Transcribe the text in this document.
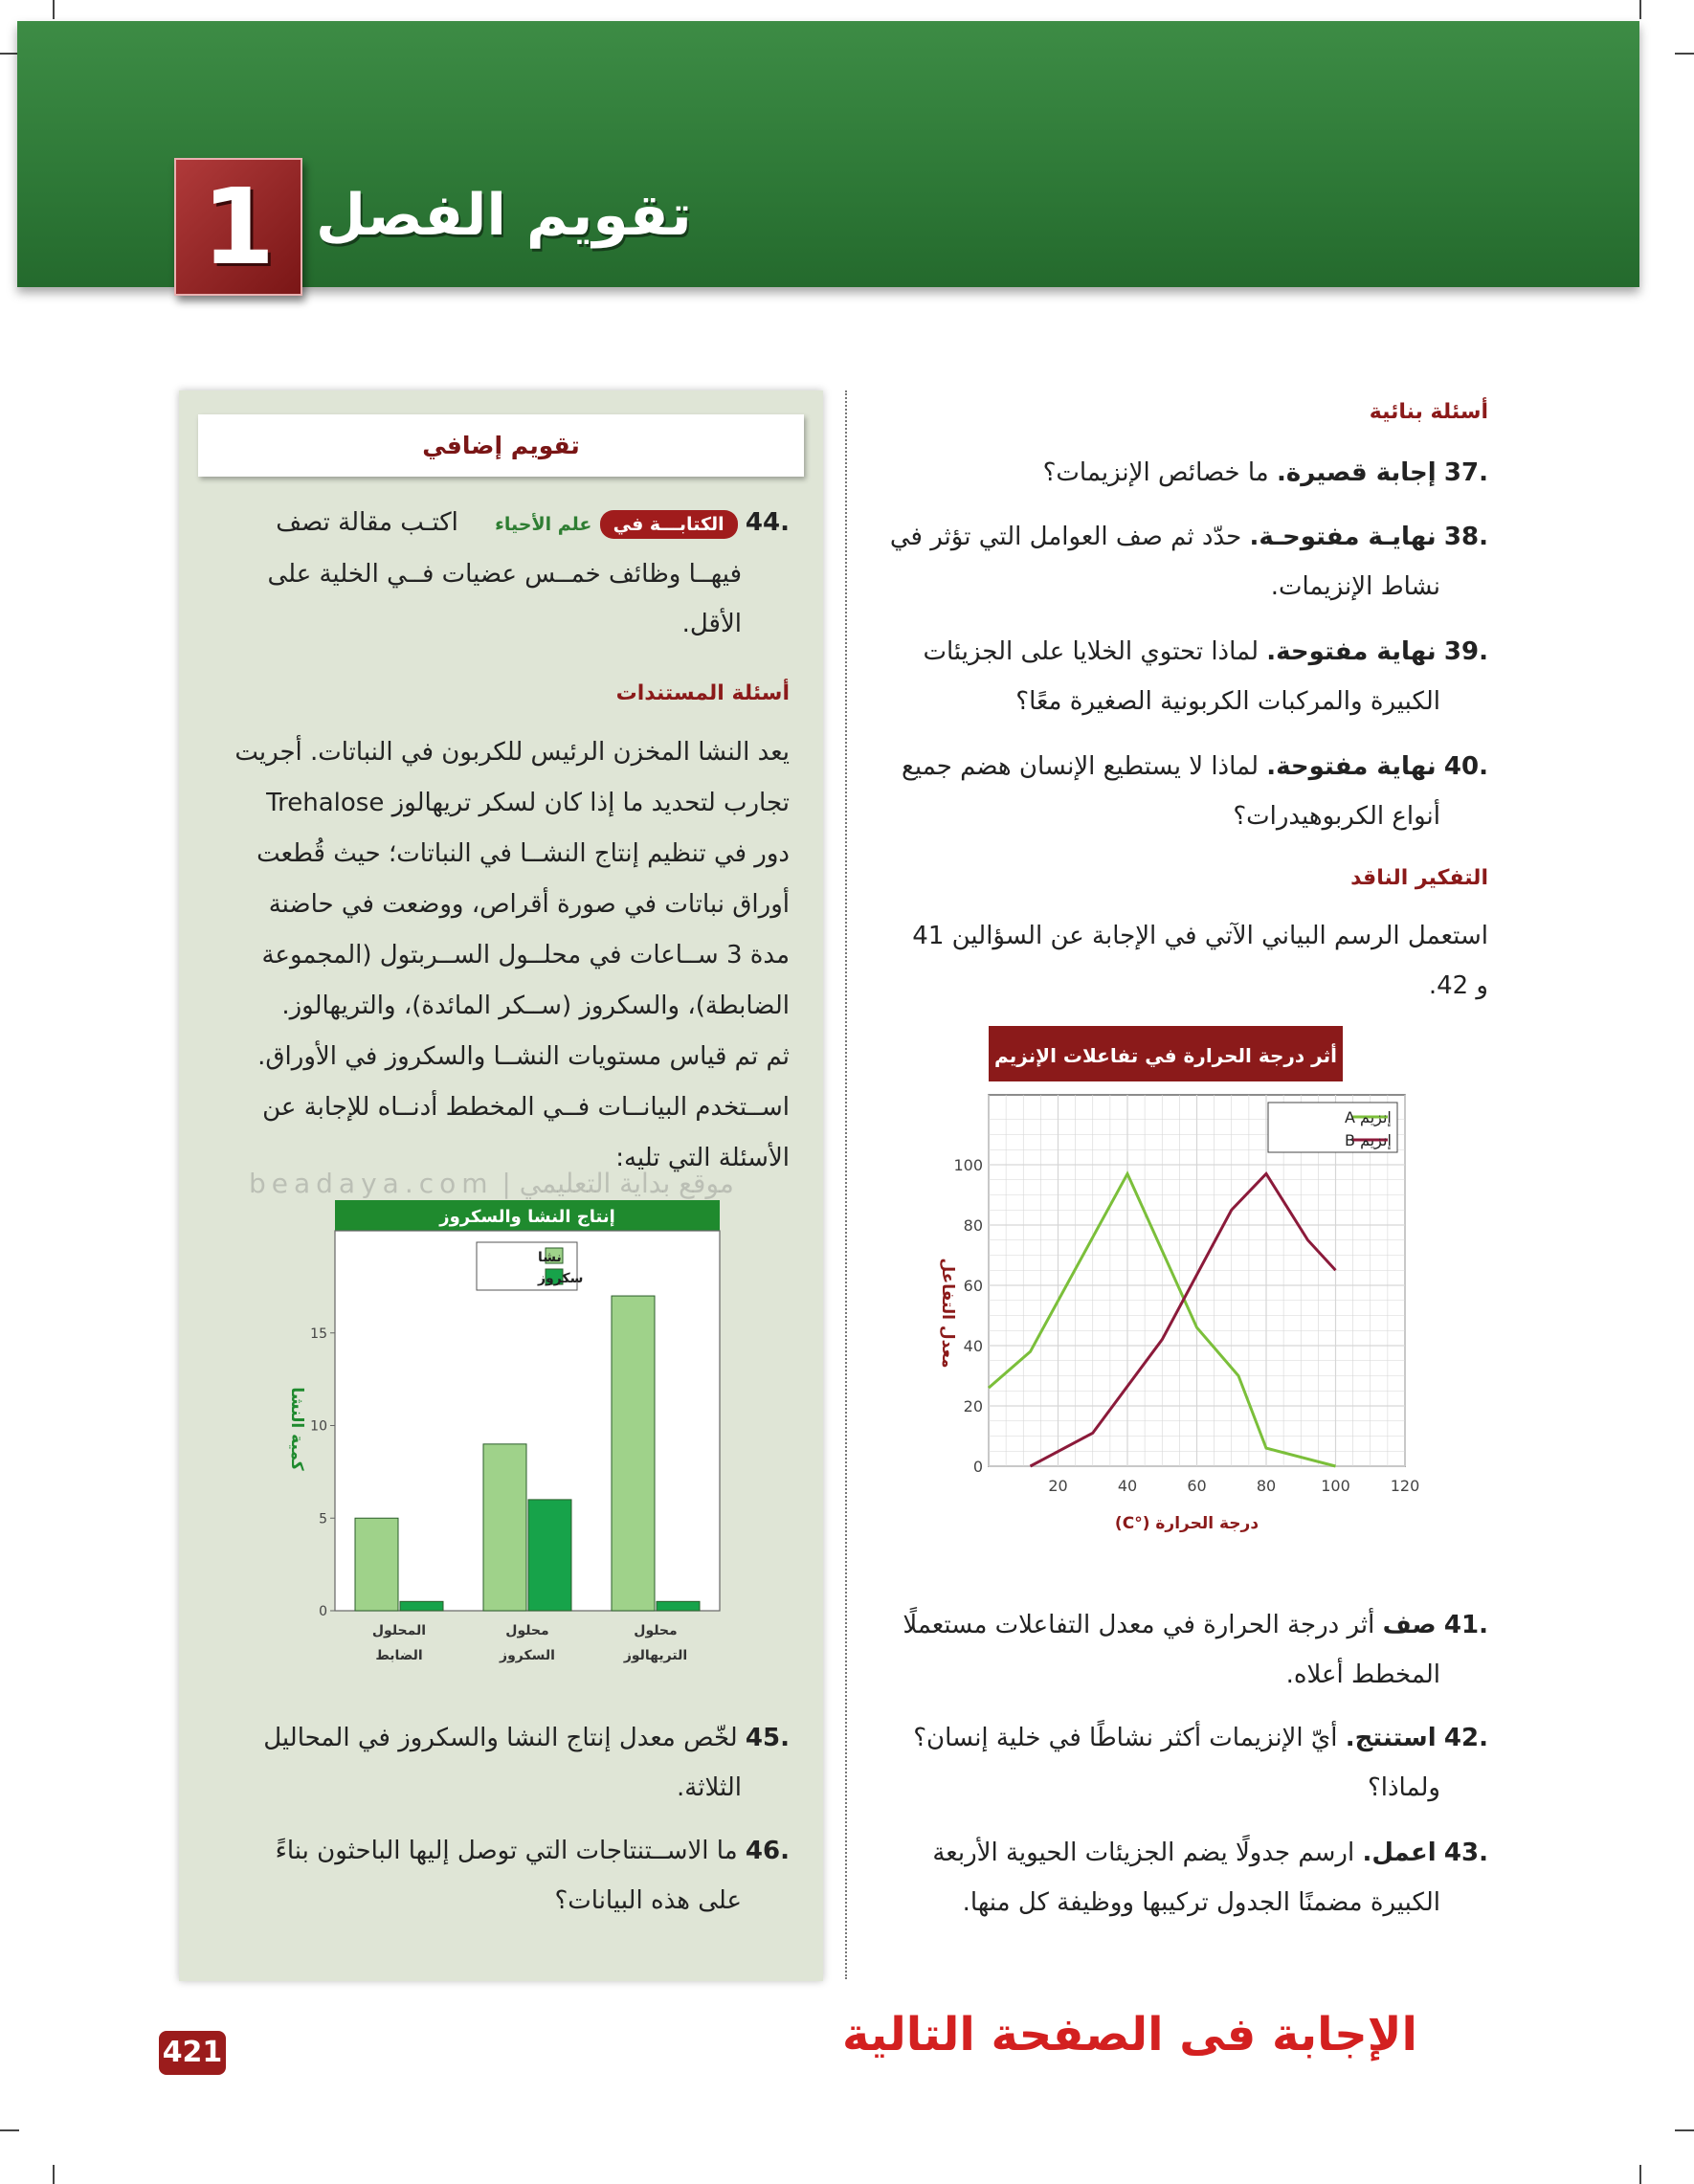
1 تقويم الفصل
أسئلة بنائية
.37 إجابة قصيرة. ما خصائص الإنزيمات؟
.38 نهايـة مفتوحـة. حدّد ثم صف العوامل التي تؤثر في
نشاط الإنزيمات.
.39 نهاية مفتوحة. لماذا تحتوي الخلايا على الجزيئات
الكبيرة والمركبات الكربونية الصغيرة معًا؟
.40 نهاية مفتوحة. لماذا لا يستطيع الإنسان هضم جميع
أنواع الكربوهيدرات؟
التفكير الناقد
استعمل الرسم البياني الآتي في الإجابة عن السؤالين 41
و 42.
أثر درجة الحرارة في تفاعلات الإنزيم
0
20
40
60
80
100
20	40	60	80	100	120
إنزيم A
إنزيم B
معدل التفاعل
درجة الحرارة (°C)
.41 صف أثر درجة الحرارة في معدل التفاعلات مستعملًا
المخطط أعلاه.
.42 استنتج. أيّ الإنزيمات أكثر نشاطًا في خلية إنسان؟
ولماذا؟
.43 اعمل. ارسم جدولًا يضم الجزيئات الحيوية الأربعة
الكبيرة مضمنًا الجدول تركيبها ووظيفة كل منها.
تقويم إضافي
.44 الكتابـــة في علم الأحياء اكتـب مقالة تصف
فيهــا وظائف خمــس عضيات فــي الخلية على
الأقل.
أسئلة المستندات
يعد النشا المخزن الرئيس للكربون في النباتات. أجريت
تجارب لتحديد ما إذا كان لسكر تريهالوز Trehalose
دور في تنظيم إنتاج النشــا في النباتات؛ حيث قُطعت
أوراق نباتات في صورة أقراص، ووضعت في حاضنة
مدة 3 ســاعات في محلــول الســربتول (المجموعة
الضابطة)، والسكروز (ســكر المائدة)، والتريهالوز.
ثم تم قياس مستويات النشــا والسكروز في الأوراق.
اســتخدم البيانــات فــي المخطط أدنــاه للإجابة عن
الأسئلة التي تليه:
إنتاج النشا والسكروز
0
5
10
15
المحلول
الضابط
محلول
السكروز
محلول
التريهالوز
نشا
سكروز
كمية النشا
.45 لخّص معدل إنتاج النشا والسكروز في المحاليل
الثلاثة.
.46 ما الاســتنتاجات التي توصل إليها الباحثون بناءً
على هذه البيانات؟
موقع بداية التعليمي | beadaya.com
421	الإجابة فى الصفحة التالية
